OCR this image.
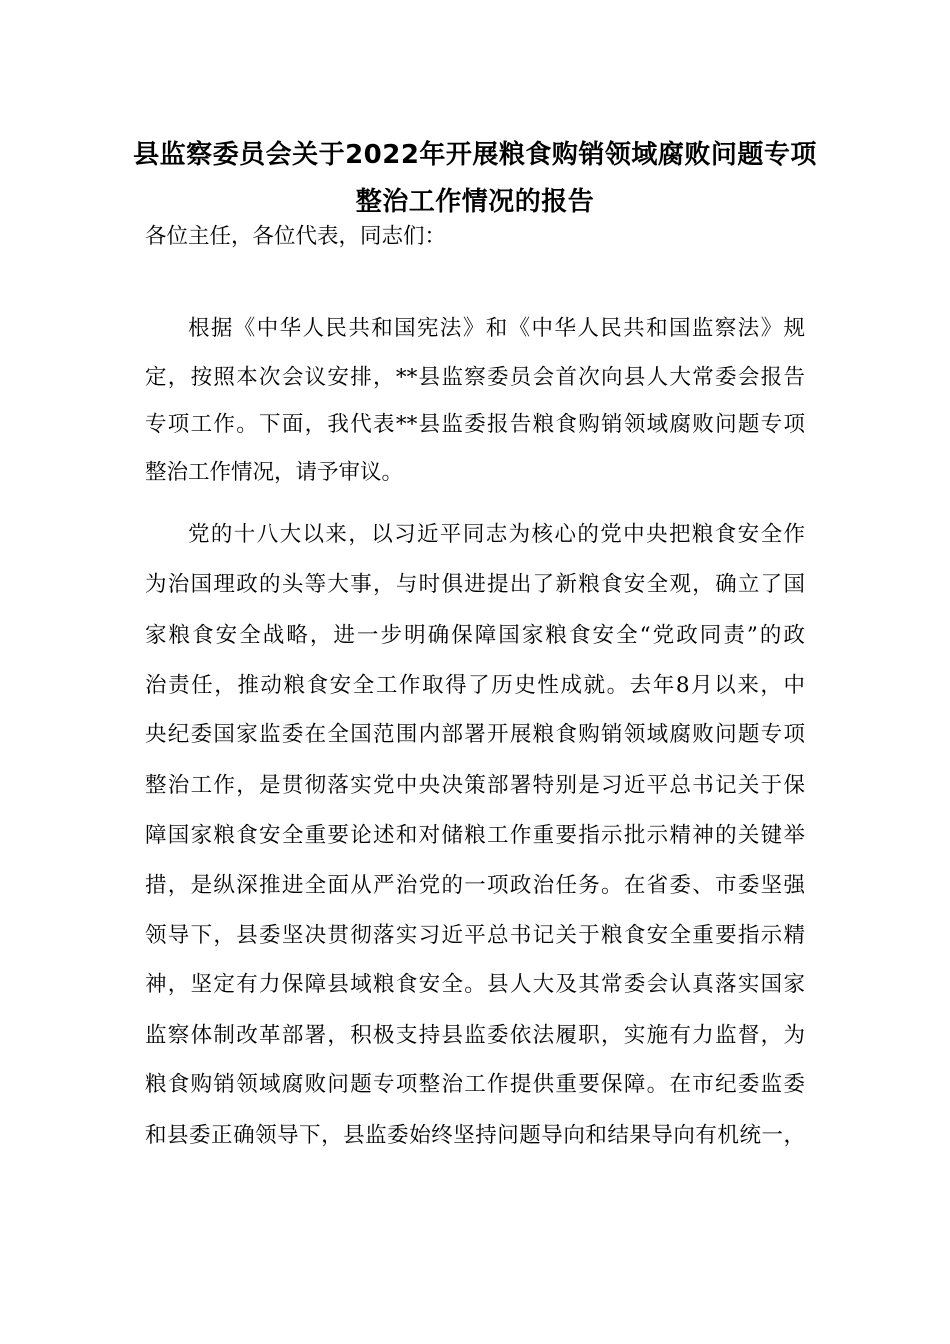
县监察委员会关于2022年开展粮食购销领域腐败问题专项
整治工作情况的报告
各位主任，各位代表，同志们：
根据《中华人民共和国宪法》和《中华人民共和国监察法》规
定，按照本次会议安排，**县监察委员会首次向县人大常委会报告
专项工作。下面，我代表**县监委报告粮食购销领域腐败问题专项
整治工作情况，请予审议。
党的十八大以来，以习近平同志为核心的党中央把粮食安全作
为治国理政的头等大事，与时俱进提出了新粮食安全观，确立了国
家粮食安全战略，进一步明确保障国家粮食安全“党政同责”的政
治责任，推动粮食安全工作取得了历史性成就。去年8月以来，中
央纪委国家监委在全国范围内部署开展粮食购销领域腐败问题专项
整治工作，是贯彻落实党中央决策部署特别是习近平总书记关于保
障国家粮食安全重要论述和对储粮工作重要指示批示精神的关键举
措，是纵深推进全面从严治党的一项政治任务。在省委、市委坚强
领导下，县委坚决贯彻落实习近平总书记关于粮食安全重要指示精
神，坚定有力保障县域粮食安全。县人大及其常委会认真落实国家
监察体制改革部署，积极支持县监委依法履职，实施有力监督，为
粮食购销领域腐败问题专项整治工作提供重要保障。在市纪委监委
和县委正确领导下，县监委始终坚持问题导向和结果导向有机统一，
